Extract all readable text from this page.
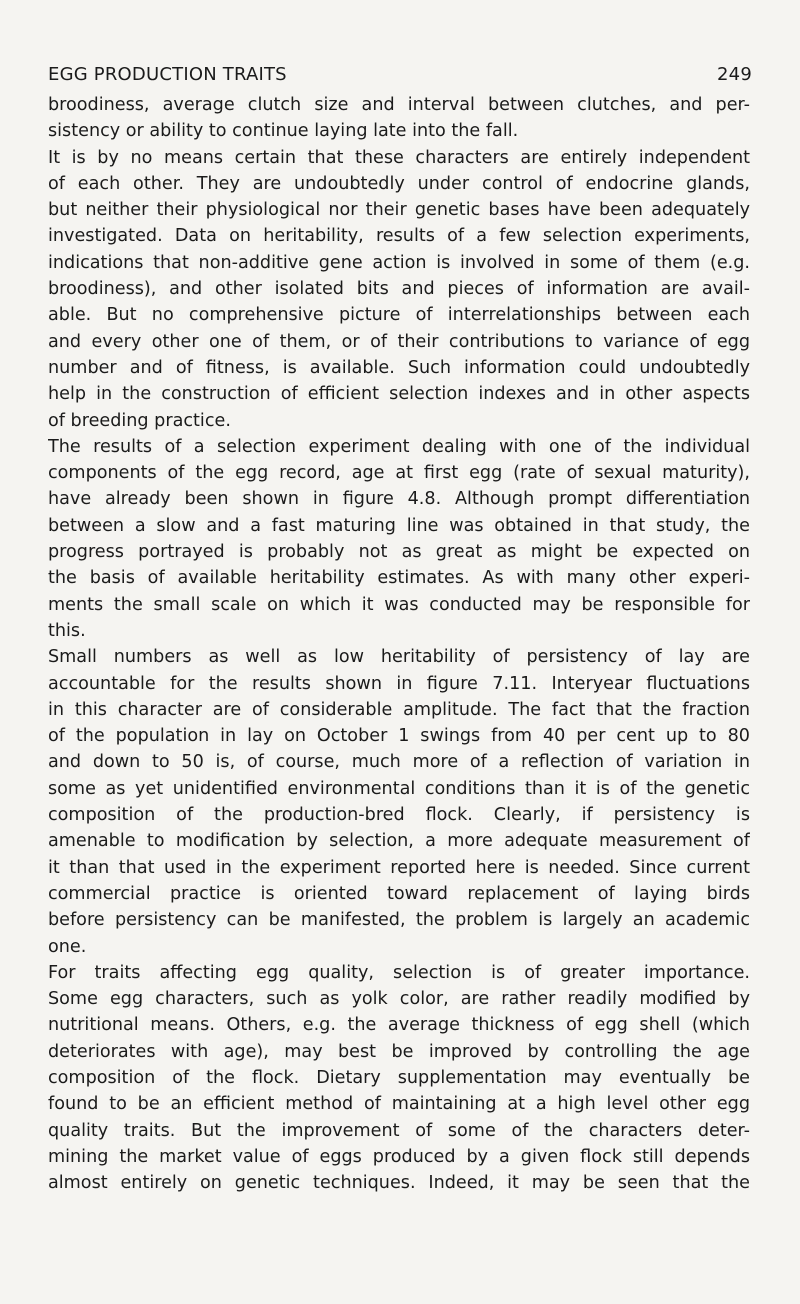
EGG PRODUCTION TRAITS	249
broodiness, average clutch size and interval between clutches, and per-
sistency or ability to continue laying late into the fall.
It is by no means certain that these characters are entirely independent
of each other. They are undoubtedly under control of endocrine glands,
but neither their physiological nor their genetic bases have been adequately
investigated. Data on heritability, results of a few selection experiments,
indications that non-additive gene action is involved in some of them (e.g.
broodiness), and other isolated bits and pieces of information are avail-
able. But no comprehensive picture of interrelationships between each
and every other one of them, or of their contributions to variance of egg
number and of fitness, is available. Such information could undoubtedly
help in the construction of efficient selection indexes and in other aspects
of breeding practice.
The results of a selection experiment dealing with one of the individual
components of the egg record, age at first egg (rate of sexual maturity),
have already been shown in figure 4.8. Although prompt differentiation
between a slow and a fast maturing line was obtained in that study, the
progress portrayed is probably not as great as might be expected on
the basis of available heritability estimates. As with many other experi-
ments the small scale on which it was conducted may be responsible for
this.
Small numbers as well as low heritability of persistency of lay are
accountable for the results shown in figure 7.11. Interyear fluctuations
in this character are of considerable amplitude. The fact that the fraction
of the population in lay on October 1 swings from 40 per cent up to 80
and down to 50 is, of course, much more of a reflection of variation in
some as yet unidentified environmental conditions than it is of the genetic
composition of the production-bred flock. Clearly, if persistency is
amenable to modification by selection, a more adequate measurement of
it than that used in the experiment reported here is needed. Since current
commercial practice is oriented toward replacement of laying birds
before persistency can be manifested, the problem is largely an academic
one.
For traits affecting egg quality, selection is of greater importance.
Some egg characters, such as yolk color, are rather readily modified by
nutritional means. Others, e.g. the average thickness of egg shell (which
deteriorates with age), may best be improved by controlling the age
composition of the flock. Dietary supplementation may eventually be
found to be an efficient method of maintaining at a high level other egg
quality traits. But the improvement of some of the characters deter-
mining the market value of eggs produced by a given flock still depends
almost entirely on genetic techniques. Indeed, it may be seen that the
